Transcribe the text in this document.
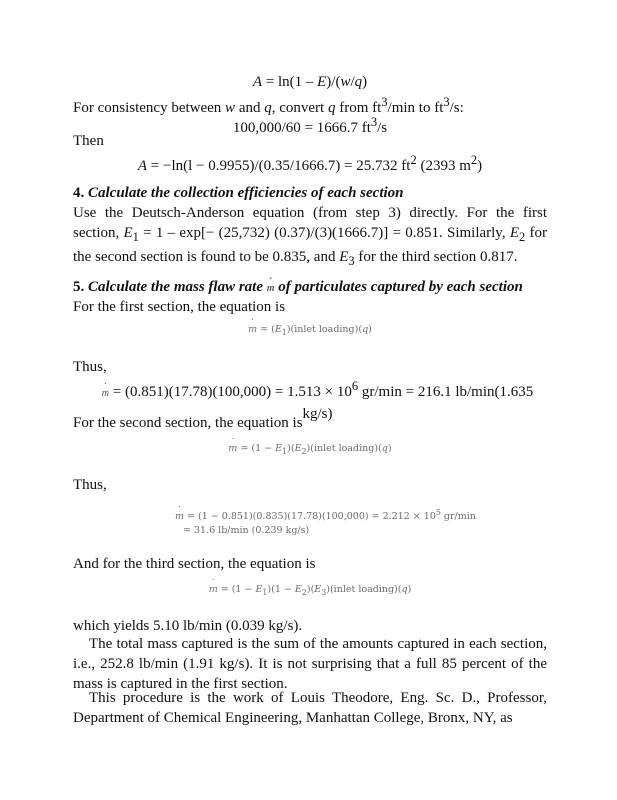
A = ln(1 – E)/(w/q)
For consistency between w and q, convert q from $ft^3/\min$ to $ft^3/s$:
100,000/60 = 1666.7 $ft^3/s$
Then
A = −ln(l − 0.9955)/(0.35/1666.7) = 25.732 $ft^2$ (2393 $m^2$)
4. Calculate the collection efficiencies of each section
Use the Deutsch-Anderson equation (from step 3) directly. For the first section, $E_1 = 1 - \exp[- (25,732) (0.37)/(3)(1666.7)] = 0.851$. Similarly, $E_2$ for the second section is found to be 0.835, and $E_3$ for the third section 0.817.
5. Calculate the mass flaw rate ˙ m of particulates captured by each section
For the first section, the equation is
˙ $m = (E_1)(inlet$ loading)(q)
Thus,
˙ $m = (0.851)(17.78)(100,000) = 1.513 \times 10^6$ gr/min = 216.1 lb/min(1.635 kg/s)
For the second section, the equation is
˙ $m = (1 - E_1)(E_2)(inlet$ loading)(q)
Thus,
˙ $m = (1 - 0.851)(0.835)(17.78)(100,000) = 2.212 \times 10^5$ gr/min
= 31.6 lb/min (0.239 kg/s)
And for the third section, the equation is
˙ $m = (1 - E_1)(1$ − $E_2)(E_3)(inlet$ loading)(q)
which yields 5.10 lb/min (0.039 kg/s).
The total mass captured is the sum of the amounts captured in each section, i.e., 252.8 lb/min (1.91 kg/s). It is not surprising that a full 85 percent of the mass is captured in the first section.
This procedure is the work of Louis Theodore, Eng. Sc. D., Professor, Department of Chemical Engineering, Manhattan College, Bronx, NY, as
